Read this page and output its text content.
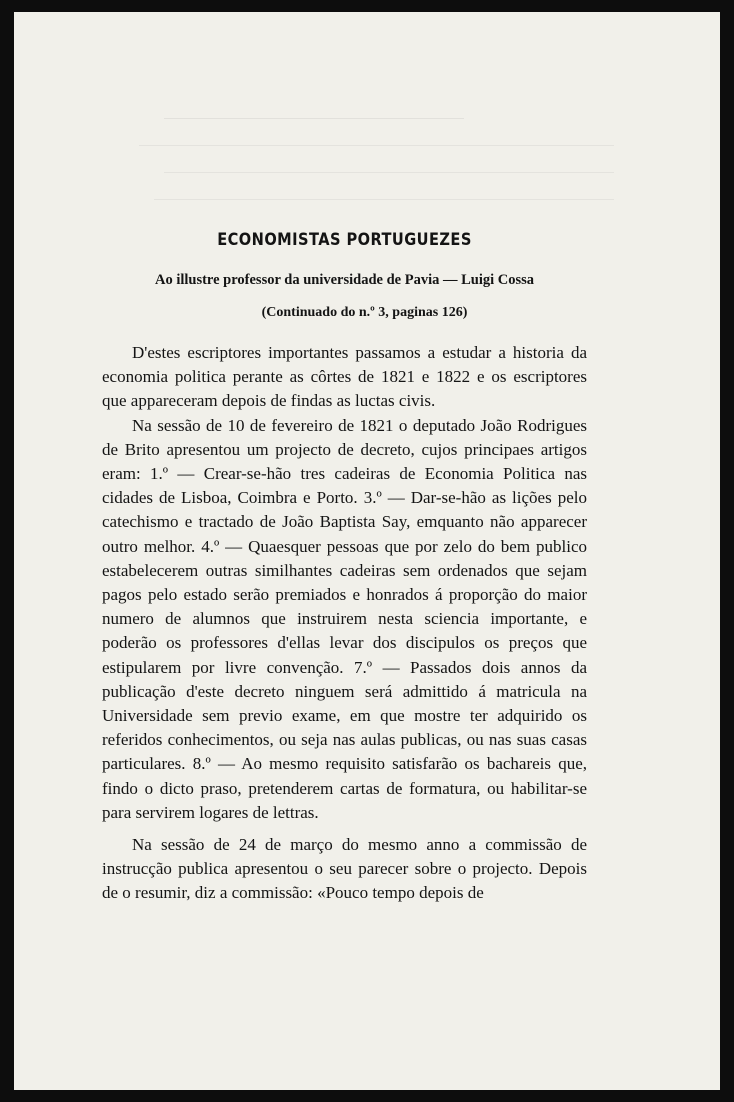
ECONOMISTAS PORTUGUEZES

Ao illustre professor da universidade de Pavia — Luigi Cossa

(Continuado do n.º 3, paginas 126)

D'estes escriptores importantes passamos a estudar a historia da economia politica perante as côrtes de 1821 e 1822 e os escriptores que appareceram depois de findas as luctas civis.

Na sessão de 10 de fevereiro de 1821 o deputado João Rodrigues de Brito apresentou um projecto de decreto, cujos principaes artigos eram: 1.º — Crear-se-hão tres cadeiras de Economia Politica nas cidades de Lisboa, Coimbra e Porto. 3.º — Dar-se-hão as lições pelo catechismo e tractado de João Baptista Say, emquanto não apparecer outro melhor. 4.º — Quaesquer pessoas que por zelo do bem publico estabelecerem outras similhantes cadeiras sem ordenados que sejam pagos pelo estado serão premiados e honrados á proporção do maior numero de alumnos que instruirem nesta sciencia importante, e poderão os professores d'ellas levar dos discipulos os preços que estipularem por livre convenção. 7.º — Passados dois annos da publicação d'este decreto ninguem será admittido á matricula na Universidade sem previo exame, em que mostre ter adquirido os referidos conhecimentos, ou seja nas aulas publicas, ou nas suas casas particulares. 8.º — Ao mesmo requisito satisfarão os bachareis que, findo o dicto praso, pretenderem cartas de formatura, ou habilitar-se para servirem logares de lettras.

Na sessão de 24 de março do mesmo anno a commissão de instrucção publica apresentou o seu parecer sobre o projecto. Depois de o resumir, diz a commissão: «Pouco tempo depois de
